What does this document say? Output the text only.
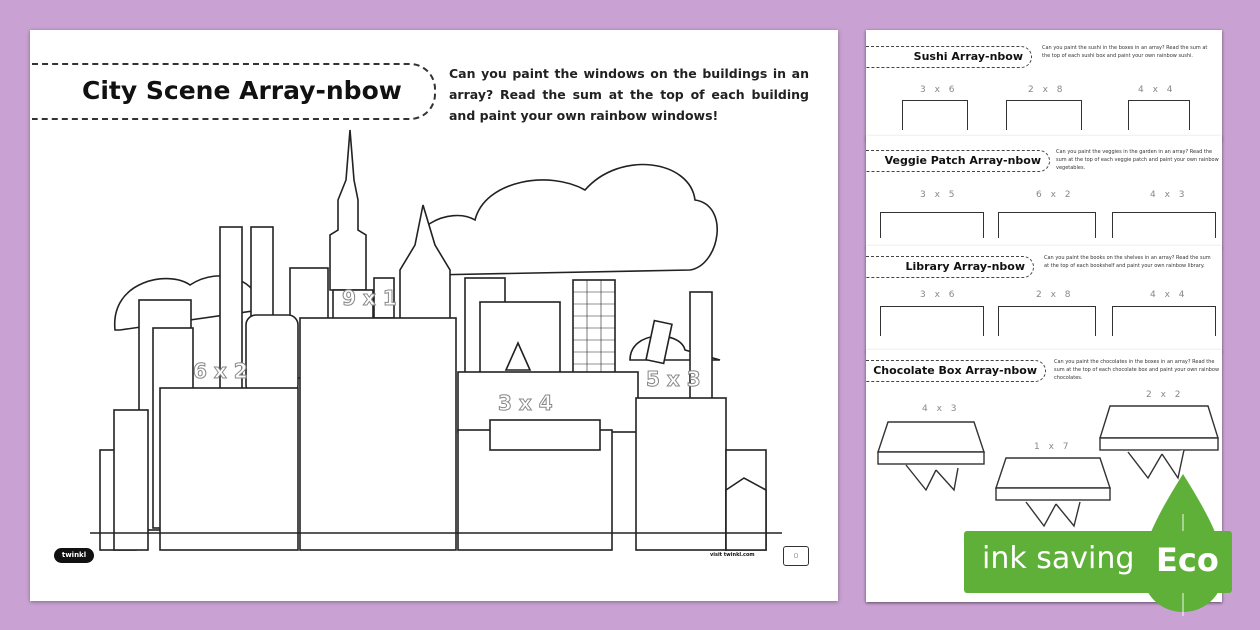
City Scene Array-nbow
Can you paint the windows on the buildings in an array? Read the sum at the top of each building and paint your own rainbow windows!
6 x 2
9 x 1
3 x 4
5 x 3
twinkl	visit twinkl.com	▢
Sushi Array-nbow
Can you paint the sushi in the boxes in an array? Read the sum at the top of each sushi box and paint your own rainbow sushi.
3 x 6	2 x 8	4 x 4
Veggie Patch Array-nbow
Can you paint the veggies in the garden in an array? Read the sum at the top of each veggie patch and paint your own rainbow vegetables.
3 x 5	6 x 2	4 x 3
Library Array-nbow
Can you paint the books on the shelves in an array? Read the sum at the top of each bookshelf and paint your own rainbow library.
3 x 6	2 x 8	4 x 4
Chocolate Box Array-nbow
Can you paint the chocolates in the boxes in an array? Read the sum at the top of each chocolate box and paint your own rainbow chocolates.
4 x 3
1 x 7
2 x 2
ink saving Eco
